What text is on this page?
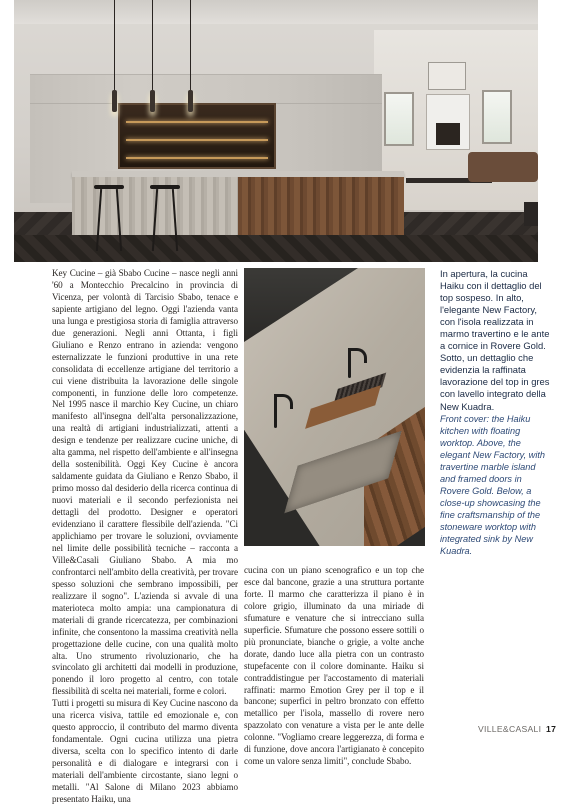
Key Cucine – già Sbabo Cucine – nasce negli anni '60 a Montecchio Precalcino in provincia di Vicenza, per volontà di Tarcisio Sbabo, tenace e sapiente artigiano del legno. Oggi l'azienda vanta una lunga e prestigiosa storia di famiglia attraverso due generazioni. Negli anni Ottanta, i figli Giuliano e Renzo entrano in azienda: vengono esternalizzate le funzioni produttive in una rete consolidata di eccellenze artigiane del territorio a cui viene distribuita la lavorazione delle singole componenti, in funzione delle loro competenze. Nel 1995 nasce il marchio Key Cucine, un chiaro manifesto all'insegna dell'alta personalizzazione, una realtà di artigiani industrializzati, attenti a design e tendenze per realizzare cucine uniche, di alta gamma, nel rispetto dell'ambiente e all'insegna della sostenibilità. Oggi Key Cucine è ancora saldamente guidata da Giuliano e Renzo Sbabo, il primo mosso dal desiderio della ricerca continua di nuovi materiali e il secondo perfezionista nei dettagli del prodotto. Designer e operatori evidenziano il carattere flessibile dell'azienda. "Ci applichiamo per trovare le soluzioni, ovviamente nel limite delle possibilità tecniche – racconta a Ville&Casali Giuliano Sbabo. A mia mo confrontarci nell'ambito della creatività, per trovare spesso soluzioni che sembrano impossibili, per realizzare il sogno". L'azienda si avvale di una materioteca molto ampia: una campionatura di materiali di grande ricercatezza, per combinazioni infinite, che consentono la massima creatività nella progettazione delle cucine, con una qualità molto alta. Uno strumento rivoluzionario, che ha svincolato gli architetti dai modelli in produzione, ponendo il loro progetto al centro, con totale flessibilità di scelta nei materiali, forme e colori.

Tutti i progetti su misura di Key Cucine nascono da una ricerca visiva, tattile ed emozionale e, con questo approccio, il contributo del marmo diventa fondamentale. Ogni cucina utilizza una pietra diversa, scelta con lo specifico intento di darle personalità e di dialogare e integrarsi con i materiali dell'ambiente circostante, siano legni o metalli. "Al Salone di Milano 2023 abbiamo presentato Haiku, una

cucina con un piano scenografico e un top che esce dal bancone, grazie a una struttura portante forte. Il marmo che caratterizza il piano è in colore grigio, illuminato da una miriade di sfumature e venature che si intrecciano sulla superficie. Sfumature che possono essere sottili o più pronunciate, bianche o grigie, a volte anche dorate, dando luce alla pietra con un contrasto stupefacente con il colore dominante. Haiku si contraddistingue per l'accostamento di materiali raffinati: marmo Emotion Grey per il top e il bancone; superfici in peltro bronzato con effetto metallico per l'isola, massello di rovere nero spazzolato con venature a vista per le ante delle colonne. "Vogliamo creare leggerezza, di forma e di funzione, dove ancora l'artigianato è concepito come un valore senza limiti", conclude Sbabo.

In apertura, la cucina Haiku con il dettaglio del top sospeso. In alto, l'elegante New Factory, con l'isola realizzata in marmo travertino e le ante a cornice in Rovere Gold. Sotto, un dettaglio che evidenzia la raffinata lavorazione del top in gres con lavello integrato della New Kuadra.

Front cover: the Haiku kitchen with floating worktop. Above, the elegant New Factory, with travertine marble island and framed doors in Rovere Gold. Below, a close-up showcasing the fine craftsmanship of the stoneware worktop with integrated sink by New Kuadra.

VILLE&CASALI 17
